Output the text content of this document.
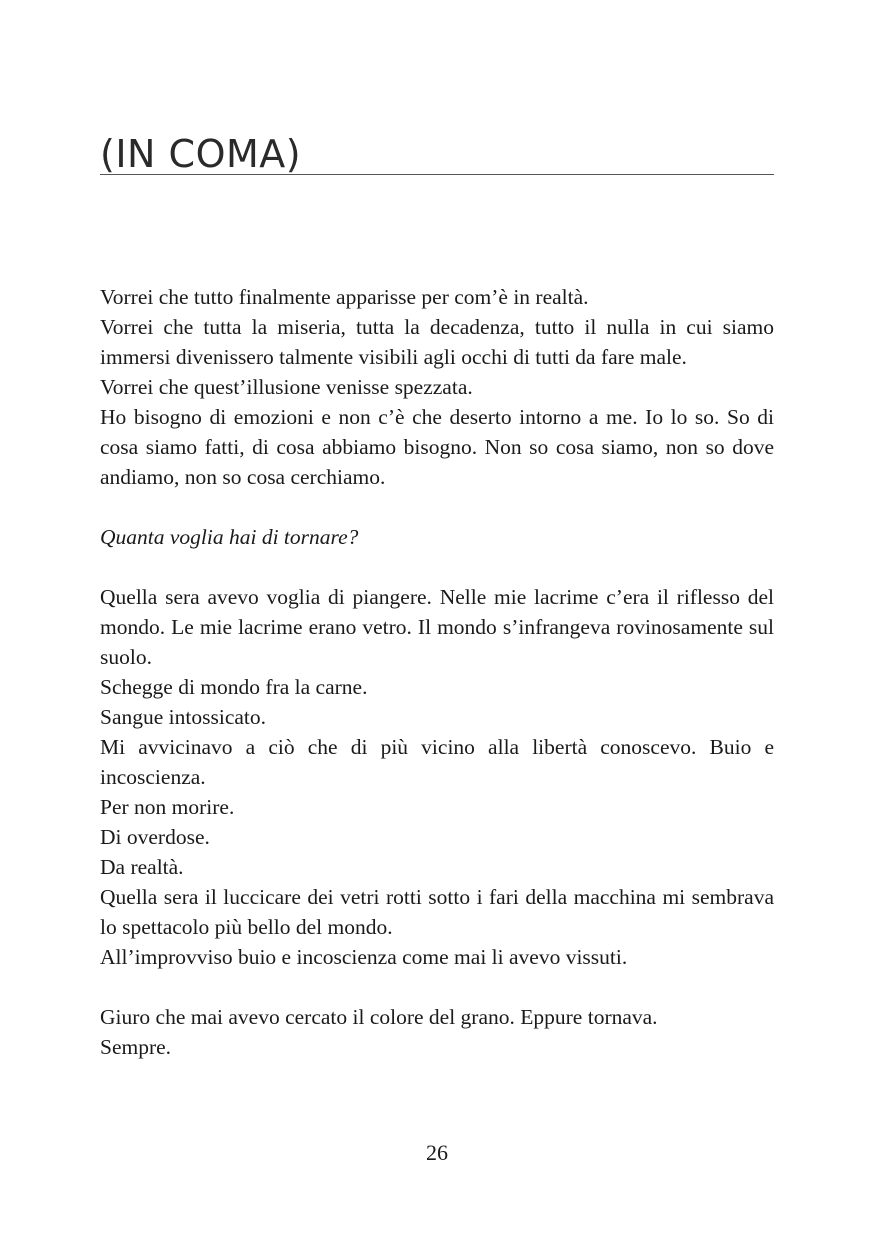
(IN COMA)

Vorrei che tutto finalmente apparisse per com’è in realtà.

Vorrei che tutta la miseria, tutta la decadenza, tutto il nulla in cui siamo immersi divenissero talmente visibili agli occhi di tutti da fare male.

Vorrei che quest’illusione venisse spezzata.

Ho bisogno di emozioni e non c’è che deserto intorno a me. Io lo so. So di cosa siamo fatti, di cosa abbiamo bisogno. Non so cosa siamo, non so dove andiamo, non so cosa cerchiamo.

Quanta voglia hai di tornare?

Quella sera avevo voglia di piangere. Nelle mie lacrime c’era il riflesso del mondo. Le mie lacrime erano vetro. Il mondo s’infrangeva rovinosamente sul suolo.

Schegge di mondo fra la carne.

Sangue intossicato.

Mi avvicinavo a ciò che di più vicino alla libertà conoscevo. Buio e incoscienza.

Per non morire.

Di overdose.

Da realtà.

Quella sera il luccicare dei vetri rotti sotto i fari della macchina mi sembrava lo spettacolo più bello del mondo.

All’improvviso buio e incoscienza come mai li avevo vissuti.

Giuro che mai avevo cercato il colore del grano. Eppure tornava.

Sempre.

26
